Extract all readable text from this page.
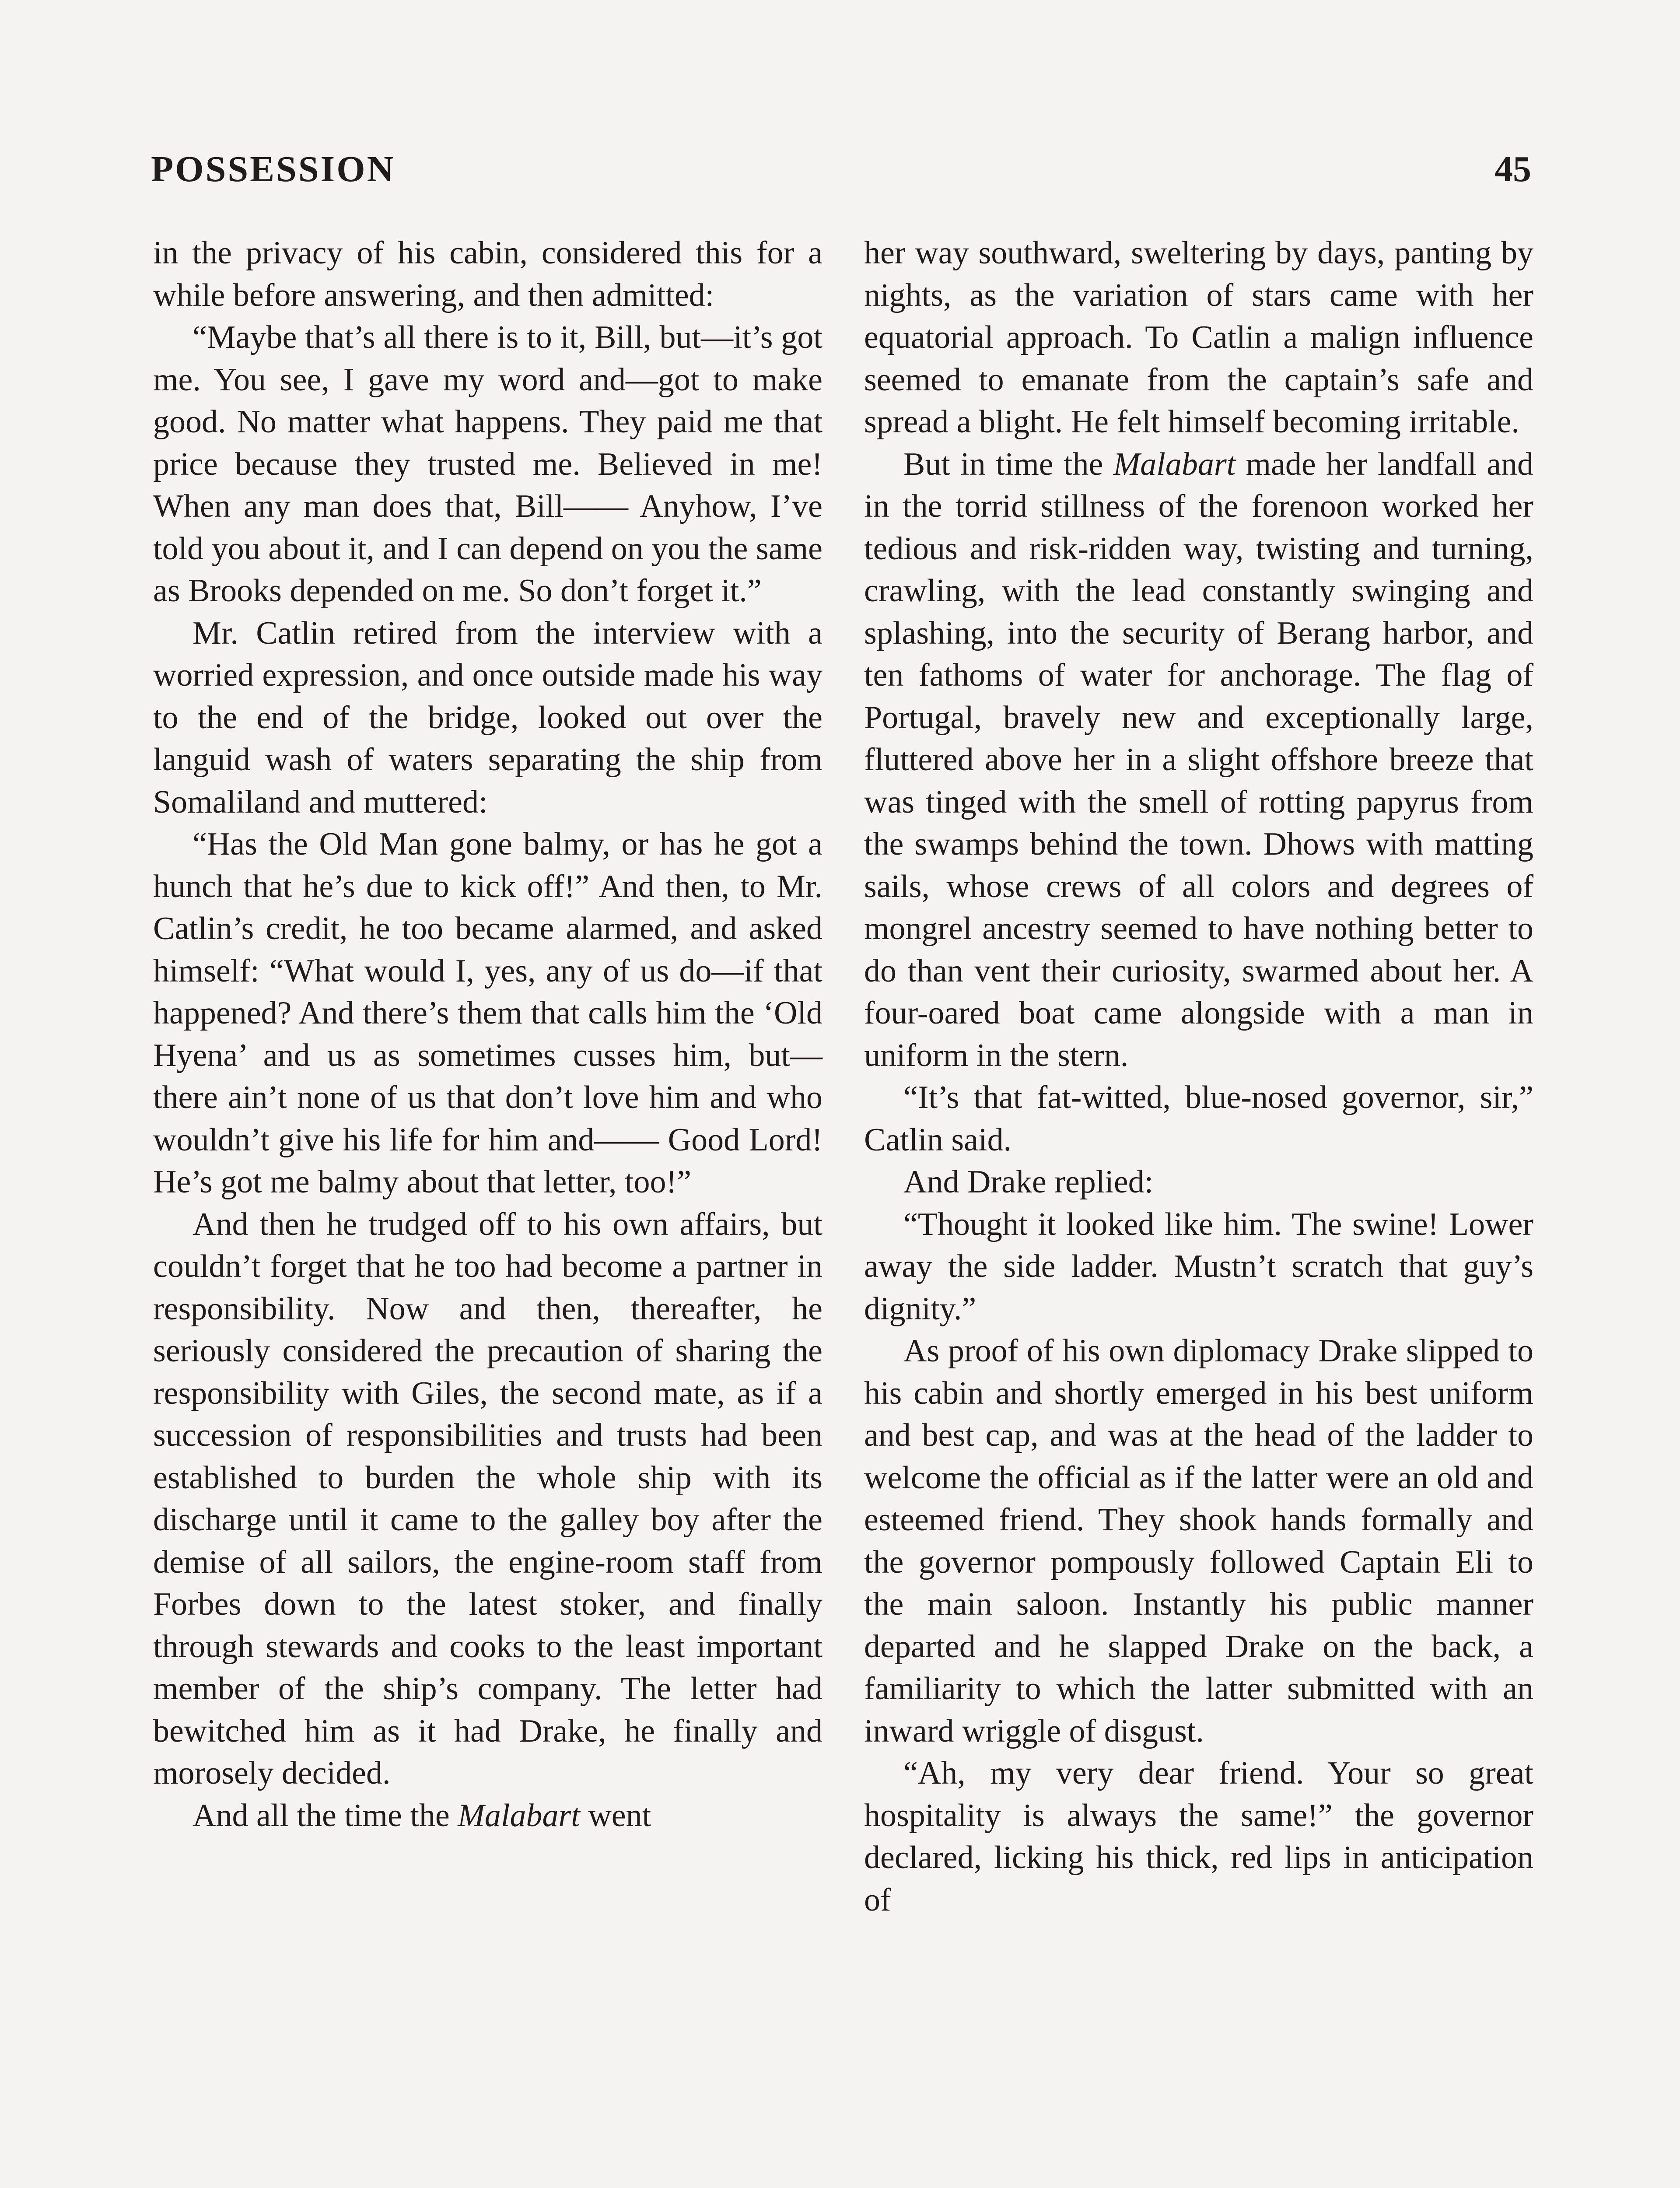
POSSESSION	45

in the privacy of his cabin, considered this for a while before answering, and then admitted:

“Maybe that’s all there is to it, Bill, but—it’s got me. You see, I gave my word and—got to make good. No matter what happens. They paid me that price because they trusted me. Believed in me! When any man does that, Bill—— Anyhow, I’ve told you about it, and I can depend on you the same as Brooks depended on me. So don’t forget it.”

Mr. Catlin retired from the interview with a worried expression, and once outside made his way to the end of the bridge, looked out over the languid wash of waters separating the ship from Somaliland and muttered:

“Has the Old Man gone balmy, or has he got a hunch that he’s due to kick off!” And then, to Mr. Catlin’s credit, he too became alarmed, and asked himself: “What would I, yes, any of us do—if that happened? And there’s them that calls him the ‘Old Hyena’ and us as sometimes cusses him, but—there ain’t none of us that don’t love him and who wouldn’t give his life for him and—— Good Lord! He’s got me balmy about that letter, too!”

And then he trudged off to his own affairs, but couldn’t forget that he too had become a partner in responsibility. Now and then, thereafter, he seriously considered the precaution of sharing the responsibility with Giles, the second mate, as if a succession of responsibilities and trusts had been established to burden the whole ship with its discharge until it came to the galley boy after the demise of all sailors, the engine-room staff from Forbes down to the latest stoker, and finally through stewards and cooks to the least important member of the ship’s company. The letter had bewitched him as it had Drake, he finally and morosely decided.

And all the time the Malabart went

her way southward, sweltering by days, panting by nights, as the variation of stars came with her equatorial approach. To Catlin a malign influence seemed to emanate from the captain’s safe and spread a blight. He felt himself becoming irritable.

But in time the Malabart made her landfall and in the torrid stillness of the forenoon worked her tedious and risk-ridden way, twisting and turning, crawling, with the lead constantly swinging and splashing, into the security of Berang harbor, and ten fathoms of water for anchorage. The flag of Portugal, bravely new and exceptionally large, fluttered above her in a slight offshore breeze that was tinged with the smell of rotting papyrus from the swamps behind the town. Dhows with matting sails, whose crews of all colors and degrees of mongrel ancestry seemed to have nothing better to do than vent their curiosity, swarmed about her. A four-oared boat came alongside with a man in uniform in the stern.

“It’s that fat-witted, blue-nosed governor, sir,” Catlin said.

And Drake replied:

“Thought it looked like him. The swine! Lower away the side ladder. Mustn’t scratch that guy’s dignity.”

As proof of his own diplomacy Drake slipped to his cabin and shortly emerged in his best uniform and best cap, and was at the head of the ladder to welcome the official as if the latter were an old and esteemed friend. They shook hands formally and the governor pompously followed Captain Eli to the main saloon. Instantly his public manner departed and he slapped Drake on the back, a familiarity to which the latter submitted with an inward wriggle of disgust.

“Ah, my very dear friend. Your so great hospitality is always the same!” the governor declared, licking his thick, red lips in anticipation of
